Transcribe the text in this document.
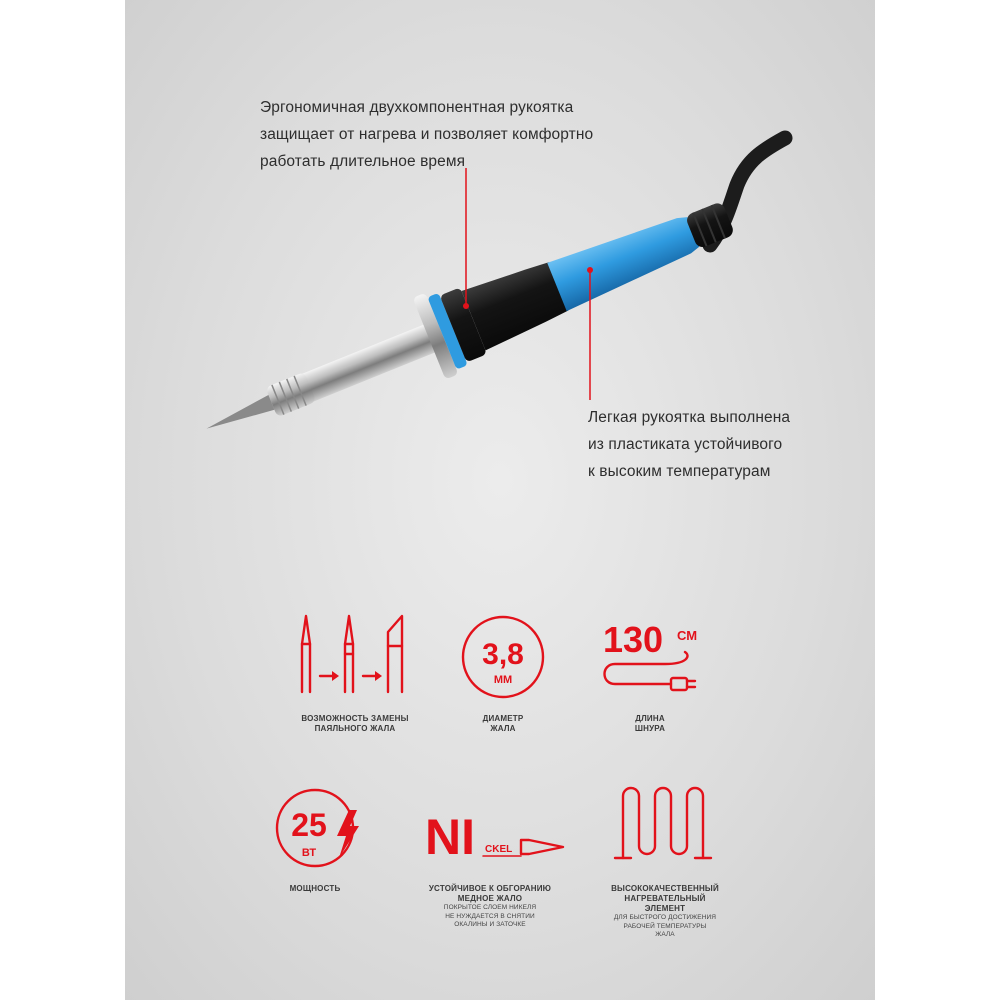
Эргономичная двухкомпонентная рукоятка
защищает от нагрева и позволяет комфортно
работать длительное время
Легкая рукоятка выполнена
из пластиката устойчивого
к высоким температурам
ВОЗМОЖНОСТЬ ЗАМЕНЫ
ПАЯЛЬНОГО ЖАЛА
3,8
ММ
ДИАМЕТР
ЖАЛА
130 СМ
ДЛИНА
ШНУРА
25
ВТ
МОЩНОСТЬ
NI CKEL
УСТОЙЧИВОЕ К ОБГОРАНИЮ
МЕДНОЕ ЖАЛО
ПОКРЫТОЕ СЛОЕМ НИКЕЛЯ
НЕ НУЖДАЕТСЯ В СНЯТИИ
ОКАЛИНЫ И ЗАТОЧКЕ
ВЫСОКОКАЧЕСТВЕННЫЙ
НАГРЕВАТЕЛЬНЫЙ
ЭЛЕМЕНТ
ДЛЯ БЫСТРОГО ДОСТИЖЕНИЯ
РАБОЧЕЙ ТЕМПЕРАТУРЫ
ЖАЛА
